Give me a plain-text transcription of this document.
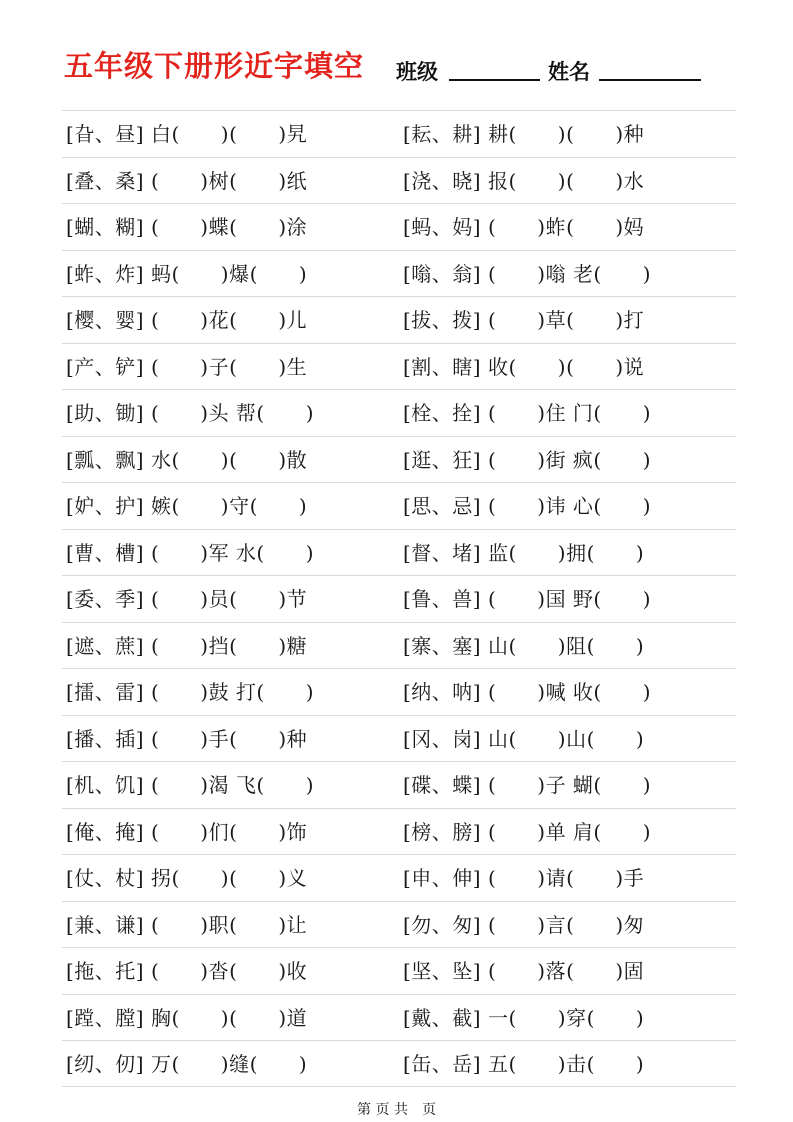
五年级下册形近字填空 班级	姓名
[旮、昼] 白(　　)(　　)旯	[耘、耕] 耕(　　)(　　)种
[叠、桑] (　　)树(　　)纸	[浇、晓] 报(　　)(　　)水
[蝴、糊] (　　)蝶(　　)涂	[蚂、妈] (　　)蚱(　　)妈
[蚱、炸] 蚂(　　)爆(　　)	[嗡、翁] (　　)嗡 老(　　)
[樱、婴] (　　)花(　　)儿	[拔、拨] (　　)草(　　)打
[产、铲] (　　)子(　　)生	[割、瞎] 收(　　)(　　)说
[助、锄] (　　)头 帮(　　)	[栓、拴] (　　)住 门(　　)
[瓢、飘] 水(　　)(　　)散	[逛、狂] (　　)街 疯(　　)
[妒、护] 嫉(　　)守(　　)	[思、忌] (　　)讳 心(　　)
[曹、槽] (　　)军 水(　　)	[督、堵] 监(　　)拥(　　)
[委、季] (　　)员(　　)节	[鲁、兽] (　　)国 野(　　)
[遮、蔗] (　　)挡(　　)糖	[寨、塞] 山(　　)阻(　　)
[擂、雷] (　　)鼓 打(　　)	[纳、呐] (　　)喊 收(　　)
[播、插] (　　)手(　　)种	[冈、岗] 山(　　)山(　　)
[机、饥] (　　)渴 飞(　　)	[碟、蝶] (　　)子 蝴(　　)
[俺、掩] (　　)们(　　)饰	[榜、膀] (　　)单 肩(　　)
[仗、杖] 拐(　　)(　　)义	[申、伸] (　　)请(　　)手
[兼、谦] (　　)职(　　)让	[勿、匆] (　　)言(　　)匆
[拖、托] (　　)沓(　　)收	[坚、坠] (　　)落(　　)固
[蹚、膛] 胸(　　)(　　)道	[戴、截] 一(　　)穿(　　)
[纫、仞] 万(　　)缝(　　)	[缶、岳] 五(　　)击(　　)
第 页 共　页
